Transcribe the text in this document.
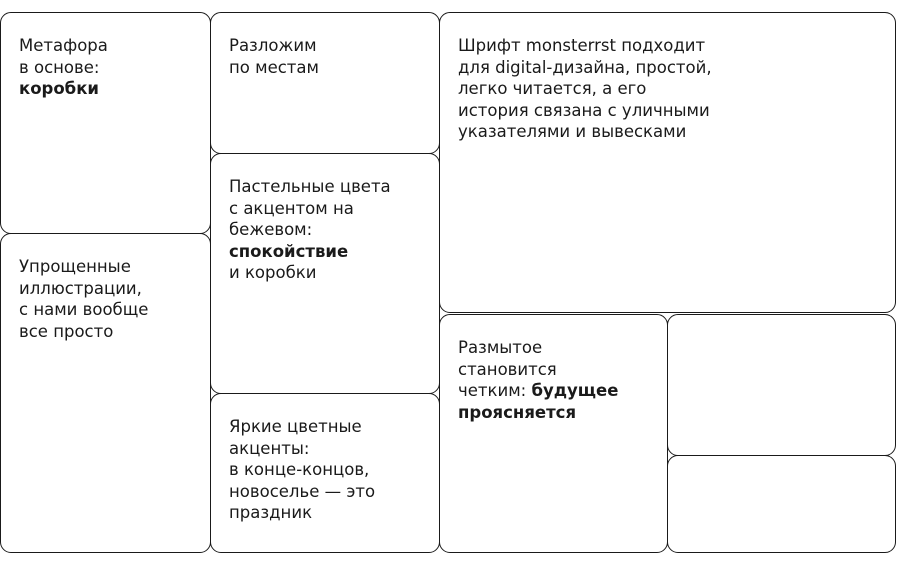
Метафора
в основе:
коробки

Упрощенные
иллюстрации,
с нами вообще
все просто

Разложим
по местам

Пастельные цвета
с акцентом на
бежевом:
спокойствие
и коробки

Яркие цветные
акценты:
в конце-концов,
новоселье — это
праздник

Шрифт monsterrst подходит
для digital-дизайна, простой,
легко читается, а его
история связана с уличными
указателями и вывесками

Размытое
становится
четким: будущее
проясняется
